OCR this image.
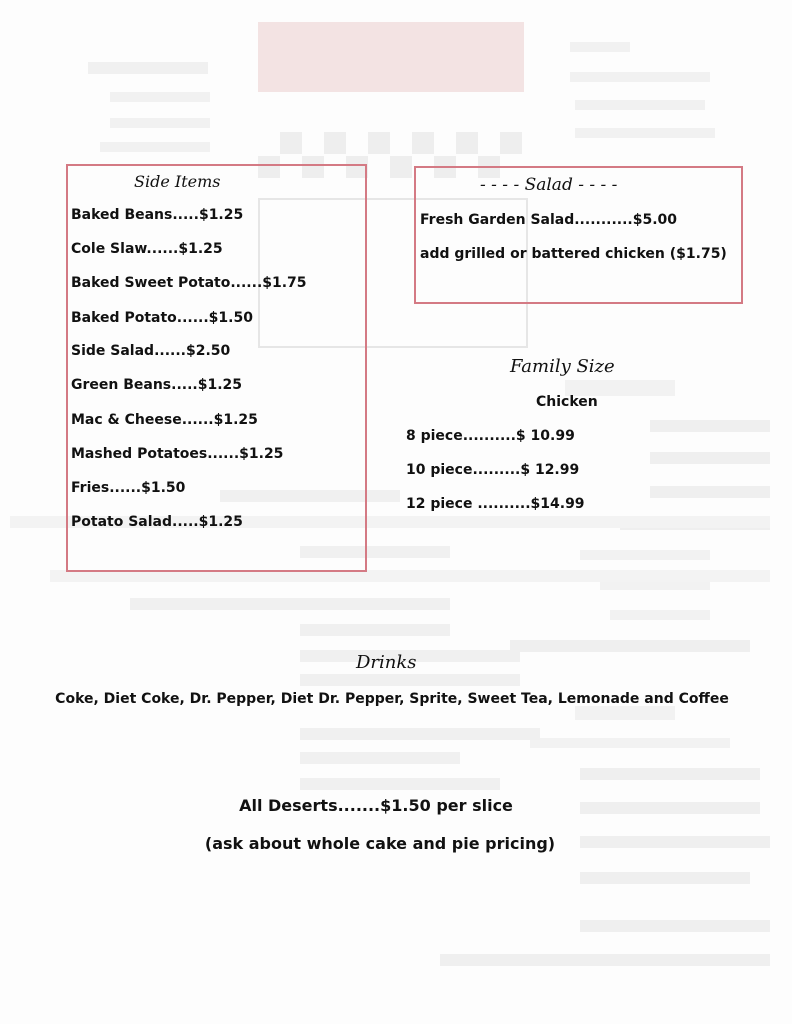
Side Items
Baked Beans.....$1.25
Cole Slaw......$1.25
Baked Sweet Potato......$1.75
Baked Potato......$1.50
Side Salad......$2.50
Green Beans.....$1.25
Mac & Cheese......$1.25
Mashed Potatoes......$1.25
Fries......$1.50
Potato Salad.....$1.25
- - - - Salad - - - -
Fresh Garden Salad...........$5.00
add grilled or battered chicken ($1.75)
Family Size
Chicken
8 piece..........$ 10.99
10 piece.........$ 12.99
12 piece ..........$14.99
Drinks
Coke, Diet Coke, Dr. Pepper, Diet Dr. Pepper, Sprite, Sweet Tea, Lemonade and Coffee
All Deserts.......$1.50 per slice
(ask about whole cake and pie pricing)
